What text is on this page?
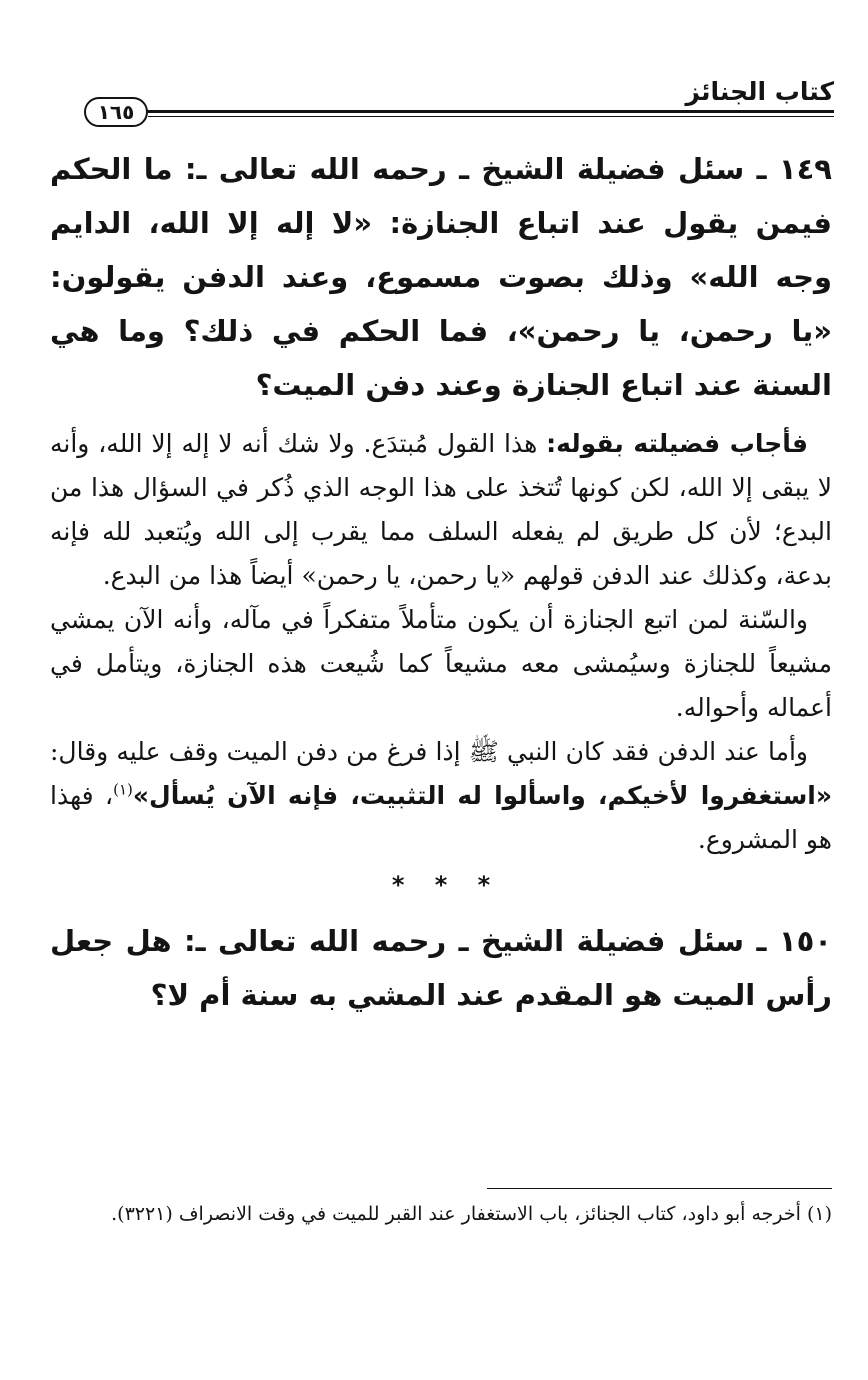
كتاب الجنائز
١٦٥

١٤٩ ـ سئل فضيلة الشيخ ـ رحمه الله تعالى ـ: ما الحكم فيمن يقول عند اتباع الجنازة: «لا إله إلا الله، الدايم وجه الله» وذلك بصوت مسموع، وعند الدفن يقولون: «يا رحمن، يا رحمن»، فما الحكم في ذلك؟ وما هي السنة عند اتباع الجنازة وعند دفن الميت؟

فأجاب فضيلته بقوله: هذا القول مُبتدَع. ولا شك أنه لا إله إلا الله، وأنه لا يبقى إلا الله، لكن كونها تُتخذ على هذا الوجه الذي ذُكر في السؤال هذا من البدع؛ لأن كل طريق لم يفعله السلف مما يقرب إلى الله ويُتعبد لله فإنه بدعة، وكذلك عند الدفن قولهم «يا رحمن، يا رحمن» أيضاً هذا من البدع.

والسّنة لمن اتبع الجنازة أن يكون متأملاً متفكراً في مآله، وأنه الآن يمشي مشيعاً للجنازة وسيُمشى معه مشيعاً كما شُيعت هذه الجنازة، ويتأمل في أعماله وأحواله.

وأما عند الدفن فقد كان النبي ﷺ إذا فرغ من دفن الميت وقف عليه وقال: «استغفروا لأخيكم، واسألوا له التثبيت، فإنه الآن يُسأل»$^{(١)}$، فهذا هو المشروع.

* * *

١٥٠ ـ سئل فضيلة الشيخ ـ رحمه الله تعالى ـ: هل جعل رأس الميت هو المقدم عند المشي به سنة أم لا؟

(١) أخرجه أبو داود، كتاب الجنائز، باب الاستغفار عند القبر للميت في وقت الانصراف (٣٢٢١).
